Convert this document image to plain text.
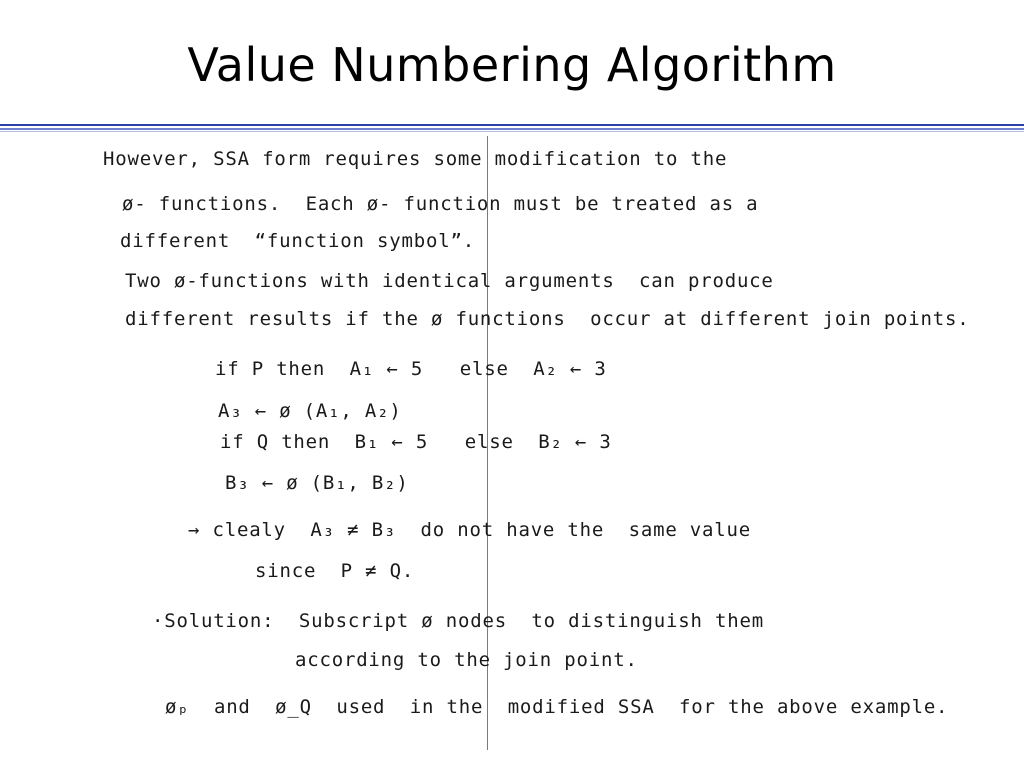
Value Numbering Algorithm
However, SSA form requires some modification to the
ø- functions.  Each ø- function must be treated as a
different  “function symbol”.
Two ø-functions with identical arguments  can produce
different results if the ø functions  occur at different join points.
if P then  A₁ ← 5   else  A₂ ← 3
A₃ ← ø (A₁, A₂)
if Q then  B₁ ← 5   else  B₂ ← 3
B₃ ← ø (B₁, B₂)
→ clealy  A₃ ≠ B₃  do not have the  same value
since  P ≠ Q.
·Solution:  Subscript ø nodes  to distinguish them
according to the join point.
øₚ  and  ø_Q  used  in the  modified SSA  for the above example.
